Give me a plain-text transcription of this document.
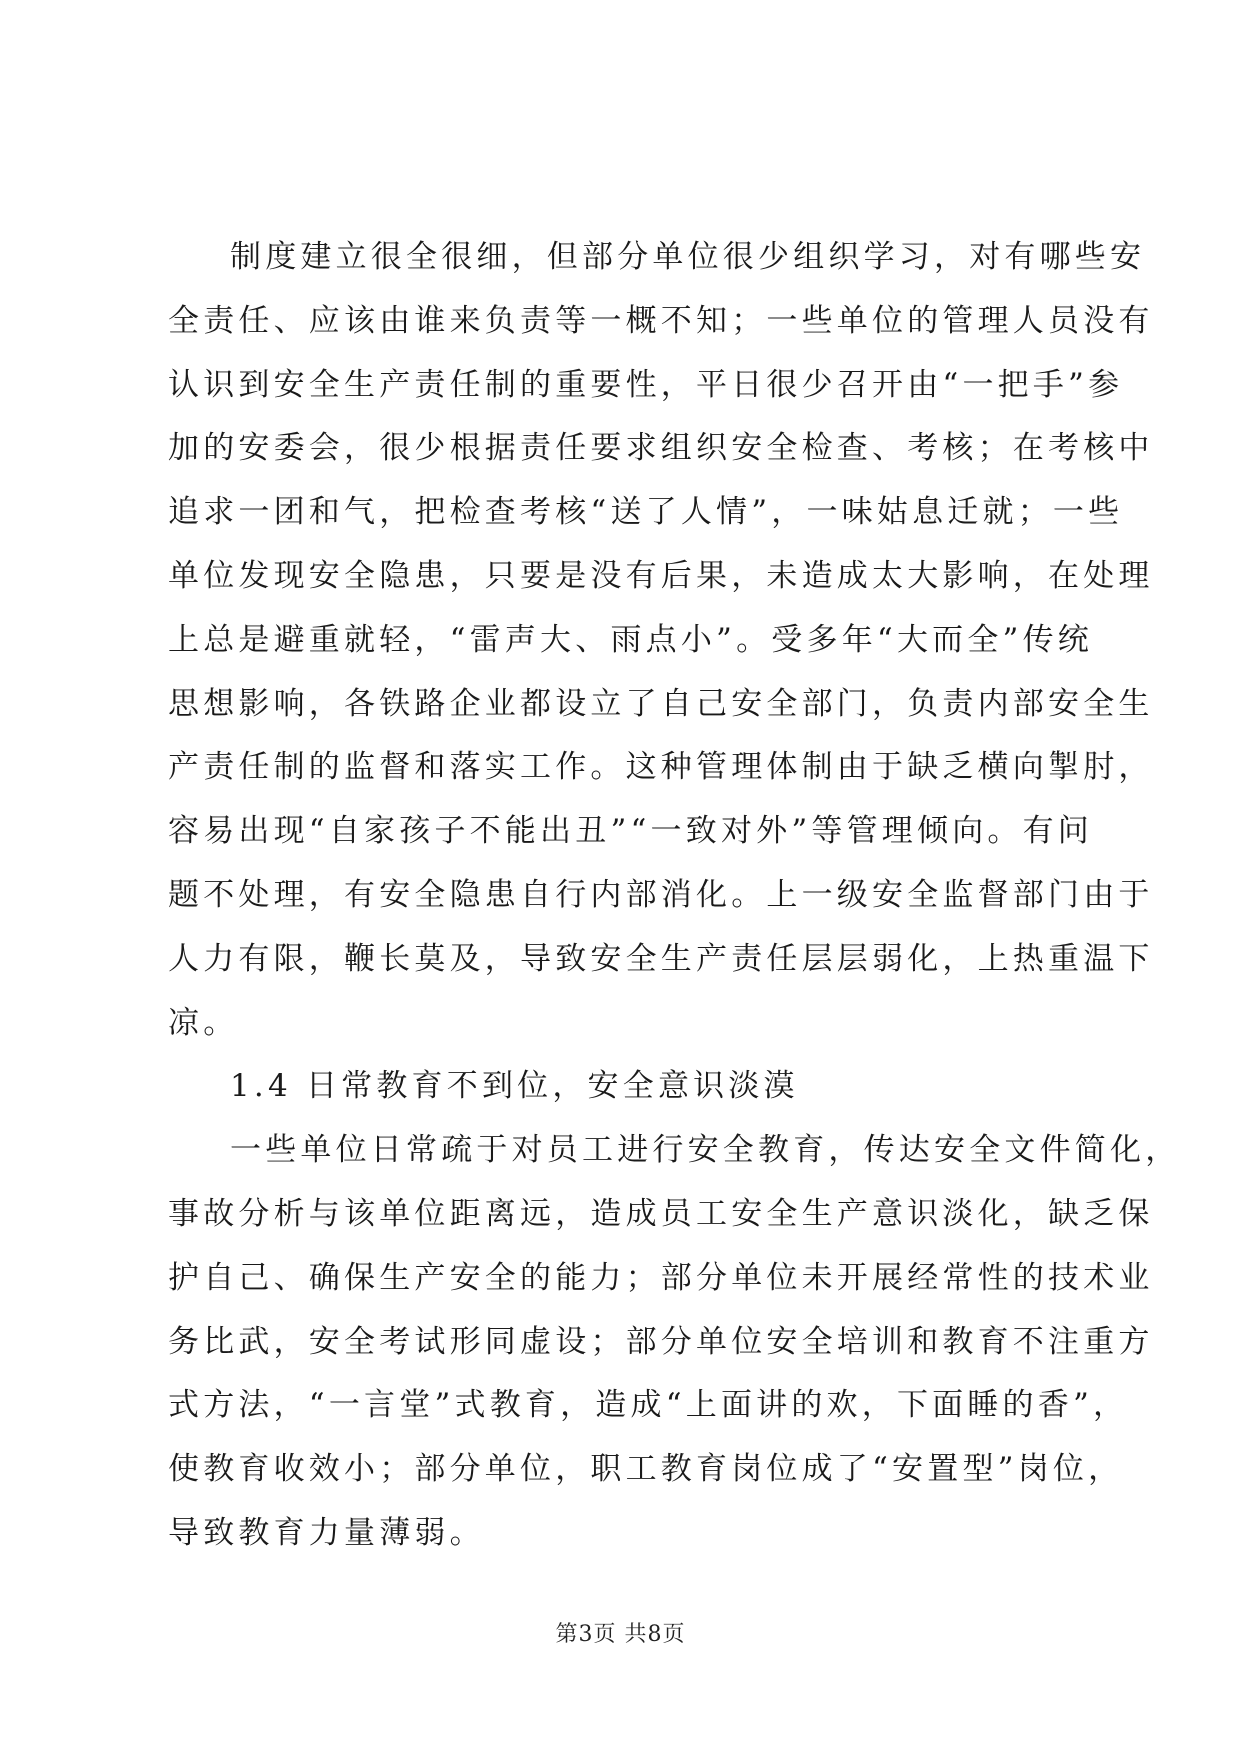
制度建立很全很细，但部分单位很少组织学习，对有哪些安
全责任、应该由谁来负责等一概不知；一些单位的管理人员没有
认识到安全生产责任制的重要性，平日很少召开由“一把手”参
加的安委会，很少根据责任要求组织安全检查、考核；在考核中
追求一团和气，把检查考核“送了人情”，一味姑息迁就；一些
单位发现安全隐患，只要是没有后果，未造成太大影响，在处理
上总是避重就轻，“雷声大、雨点小”。受多年“大而全”传统
思想影响，各铁路企业都设立了自己安全部门，负责内部安全生
产责任制的监督和落实工作。这种管理体制由于缺乏横向掣肘，
容易出现“自家孩子不能出丑”“一致对外”等管理倾向。有问
题不处理，有安全隐患自行内部消化。上一级安全监督部门由于
人力有限，鞭长莫及，导致安全生产责任层层弱化，上热重温下
凉。

1.4 日常教育不到位，安全意识淡漠

一些单位日常疏于对员工进行安全教育，传达安全文件简化，
事故分析与该单位距离远，造成员工安全生产意识淡化，缺乏保
护自己、确保生产安全的能力；部分单位未开展经常性的技术业
务比武，安全考试形同虚设；部分单位安全培训和教育不注重方
式方法，“一言堂”式教育，造成“上面讲的欢，下面睡的香”，
使教育收效小；部分单位，职工教育岗位成了“安置型”岗位，
导致教育力量薄弱。

第3页 共8页
